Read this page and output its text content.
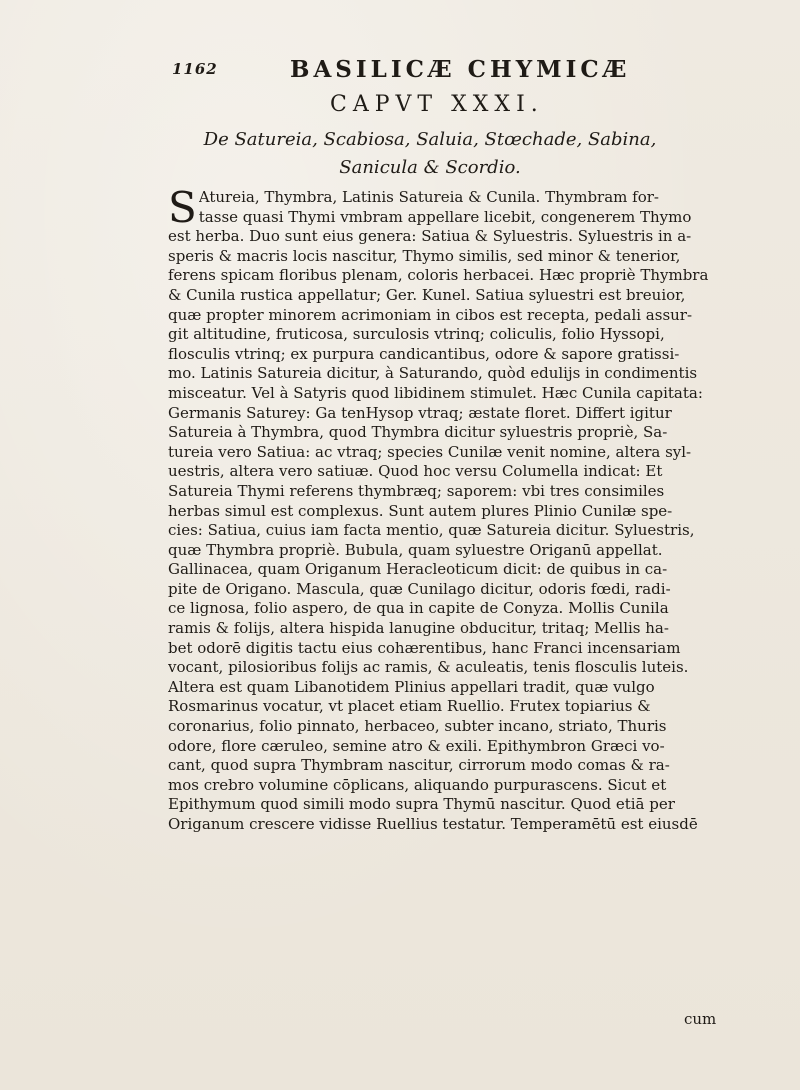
1162	BASILICÆ CHYMICÆ
CAPVT XXXI.
De Satureia, Scabiosa, Saluia, Stœchade, Sabina,
Sanicula & Scordio.
S Atureia, Thymbra, Latinis Satureia & Cunila. Thymbram for-
tasse quasi Thymi vmbram appellare licebit, congenerem Thymo
est herba. Duo sunt eius genera: Satiua & Syluestris. Syluestris in a-
speris & macris locis nascitur, Thymo similis, sed minor & tenerior,
ferens spicam floribus plenam, coloris herbacei. Hæc propriè Thymbra
& Cunila rustica appellatur; Ger. Kunel. Satiua syluestri est breuior,
quæ propter minorem acrimoniam in cibos est recepta, pedali assur-
git altitudine, fruticosa, surculosis vtrinq; coliculis, folio Hyssopi,
flosculis vtrinq; ex purpura candicantibus, odore & sapore gratissi-
mo. Latinis Satureia dicitur, à Saturando, quòd edulijs in condimentis
misceatur. Vel à Satyris quod libidinem stimulet. Hæc Cunila capitata:
Germanis Saturey: Ga tenHysop vtraq; æstate floret. Differt igitur
Satureia à Thymbra, quod Thymbra dicitur syluestris propriè, Sa-
tureia vero Satiua: ac vtraq; species Cunilæ venit nomine, altera syl-
uestris, altera vero satiuæ. Quod hoc versu Columella indicat: Et
Satureia Thymi referens thymbræq; saporem: vbi tres consimiles
herbas simul est complexus. Sunt autem plures Plinio Cunilæ spe-
cies: Satiua, cuius iam facta mentio, quæ Satureia dicitur. Syluestris,
quæ Thymbra propriè. Bubula, quam syluestre Origanū appellat.
Gallinacea, quam Origanum Heracleoticum dicit: de quibus in ca-
pite de Origano. Mascula, quæ Cunilago dicitur, odoris fœdi, radi-
ce lignosa, folio aspero, de qua in capite de Conyza. Mollis Cunila
ramis & folijs, altera hispida lanugine obducitur, tritaq; Mellis ha-
bet odorē digitis tactu eius cohærentibus, hanc Franci incensariam
vocant, pilosioribus folijs ac ramis, & aculeatis, tenis flosculis luteis.
Altera est quam Libanotidem Plinius appellari tradit, quæ vulgo
Rosmarinus vocatur, vt placet etiam Ruellio. Frutex topiarius &
coronarius, folio pinnato, herbaceo, subter incano, striato, Thuris
odore, flore cæruleo, semine atro & exili. Epithymbron Græci vo-
cant, quod supra Thymbram nascitur, cirrorum modo comas & ra-
mos crebro volumine cōplicans, aliquando purpurascens. Sicut et
Epithymum quod simili modo supra Thymū nascitur. Quod etiā per
Origanum crescere vidisse Ruellius testatur. Temperamētū est eiusdē
cum
